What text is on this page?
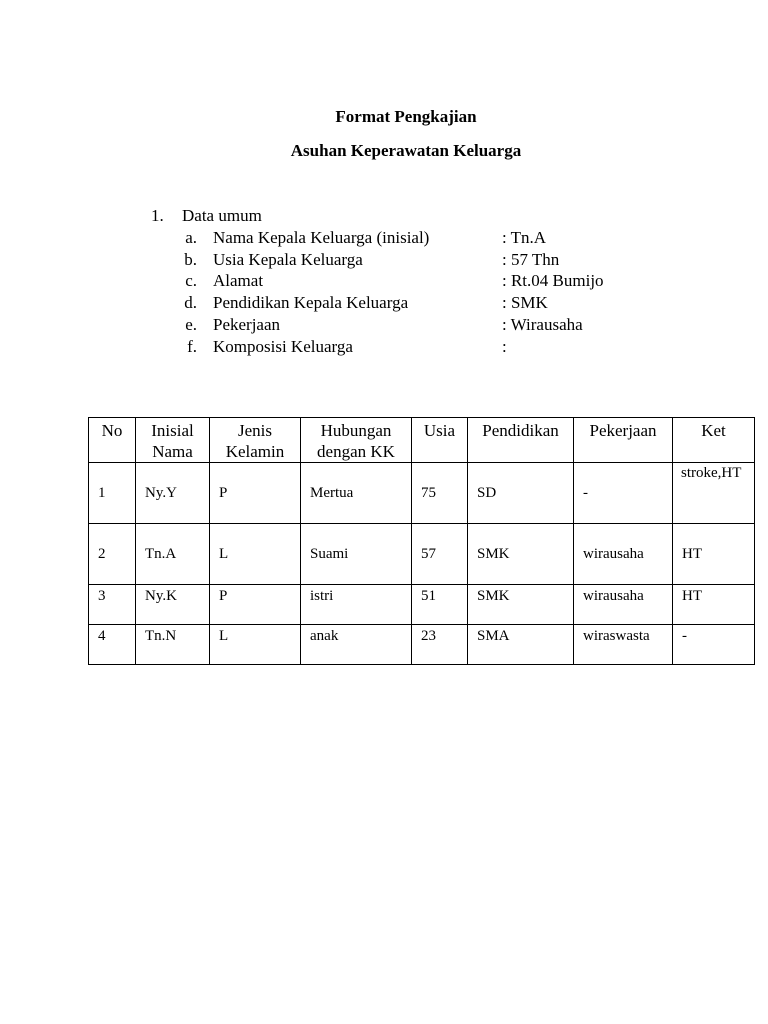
Format Pengkajian
Asuhan Keperawatan Keluarga
1.	Data umum
a. Nama Kepala Keluarga (inisial)	: Tn.A
b. Usia Kepala Keluarga	: 57 Thn
c. Alamat	: Rt.04 Bumijo
d. Pendidikan Kepala Keluarga	: SMK
e. Pekerjaan	: Wirausaha
f. Komposisi Keluarga	:
No	Inisial Nama	Jenis Kelamin	Hubungan dengan KK	Usia	Pendidikan	Pekerjaan	Ket
1	Ny.Y	P	Mertua	75	SD	-	stroke,HT
2	Tn.A	L	Suami	57	SMK	wirausaha	HT
3	Ny.K	P	istri	51	SMK	wirausaha	HT
4	Tn.N	L	anak	23	SMA	wiraswasta	-
